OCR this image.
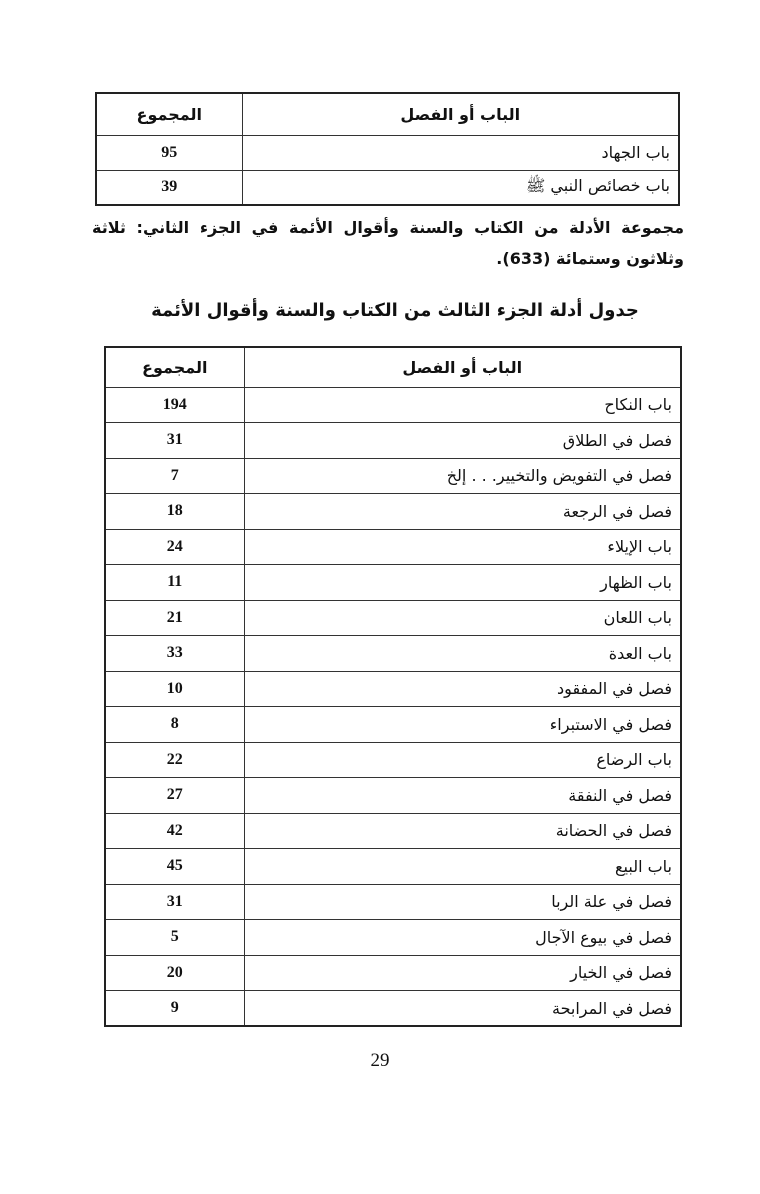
الباب أو الفصل	المجموع
باب الجهاد	95
باب خصائص النبي ﷺ	39
مجموعة الأدلة من الكتاب والسنة وأقوال الأئمة في الجزء الثاني: ثلاثة وثلاثون وستمائة (633).
جدول أدلة الجزء الثالث من الكتاب والسنة وأقوال الأئمة
الباب أو الفصل	المجموع
باب النكاح	194
فصل في الطلاق	31
فصل في التفويض والتخيير. . . إلخ	7
فصل في الرجعة	18
باب الإيلاء	24
باب الظهار	11
باب اللعان	21
باب العدة	33
فصل في المفقود	10
فصل في الاستبراء	8
باب الرضاع	22
فصل في النفقة	27
فصل في الحضانة	42
باب البيع	45
فصل في علة الربا	31
فصل في بيوع الآجال	5
فصل في الخيار	20
فصل في المرابحة	9
29
